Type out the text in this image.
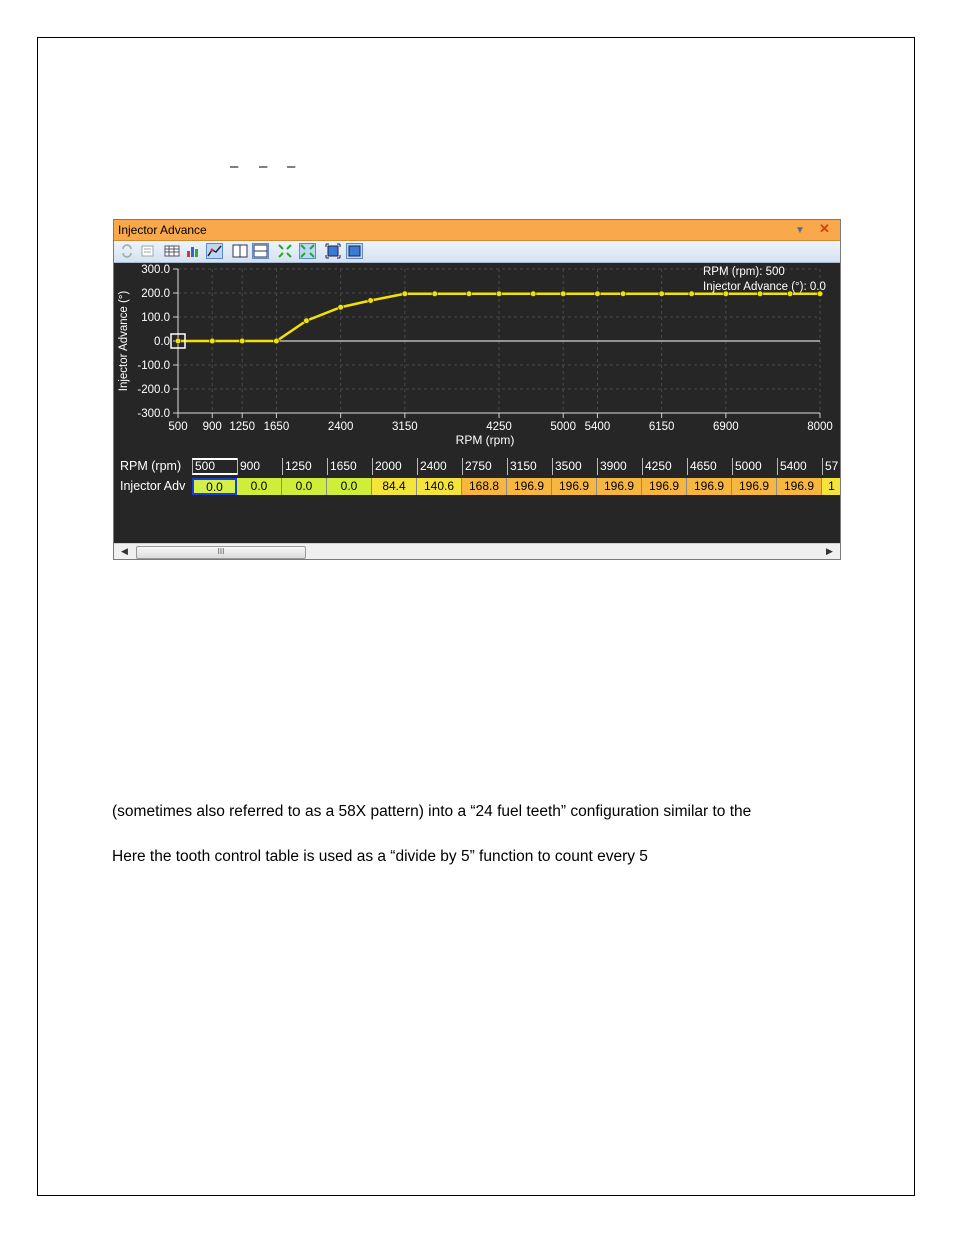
– – –
Injector Advance	▼ ✕
500 900 1250 1650	2400	3150	4250	5000 5400	6150	6900	8000
300.0
200.0
100.0
0.0
-100.0
-200.0
-300.0
RPM (rpm)
Injector Advance (°)
RPM (rpm): 500
Injector Advance (°): 0.0
RPM (rpm)
Injector Adv
500	900	1250	1650	2000	2400	2750	3150	3500	3900	4250	4650	5000	5400	57
0.0	0.0	0.0	0.0	84.4	140.6	168.8	196.9	196.9	196.9	196.9	196.9	196.9	196.9	1
◀	III	▶
(sometimes also referred to as a 58X pattern) into a “24 fuel teeth” configuration similar to the
Here the tooth control table is used as a “divide by 5” function to count every 5
